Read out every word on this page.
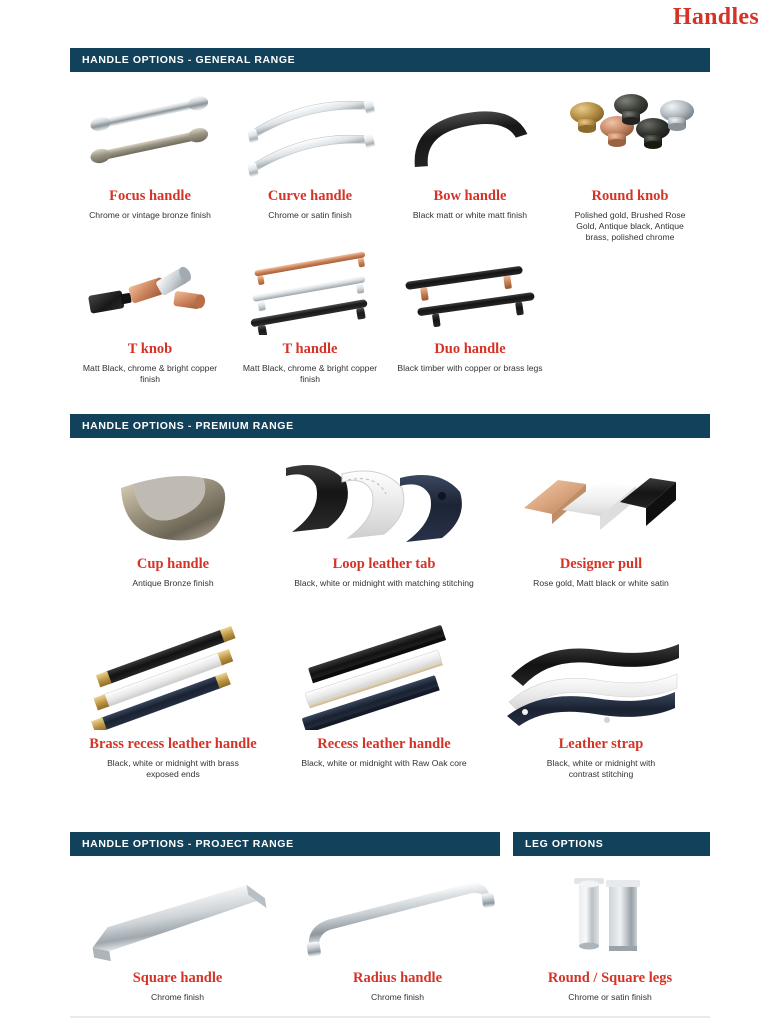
Handles
HANDLE OPTIONS - GENERAL RANGE
Focus handle
Chrome or vintage bronze finish
Curve handle
Chrome or satin finish
Bow handle
Black matt or white matt finish
Round knob
Polished gold, Brushed Rose Gold, Antique black, Antique brass, polished chrome
T knob
Matt Black, chrome & bright copper finish
T handle
Matt Black, chrome & bright copper finish
Duo handle
Black timber with copper or brass legs
HANDLE OPTIONS - PREMIUM RANGE
Cup handle
Antique Bronze finish
Loop leather tab
Black, white or midnight with matching stitching
Designer pull
Rose gold, Matt black or white satin
Brass recess leather handle
Black, white or midnight with brass exposed ends
Recess leather handle
Black, white or midnight with Raw Oak core
Leather strap
Black, white or midnight with contrast stitching
HANDLE OPTIONS - PROJECT RANGE	LEG OPTIONS
Square handle
Chrome finish
Radius handle
Chrome finish
Round / Square legs
Chrome or satin finish
